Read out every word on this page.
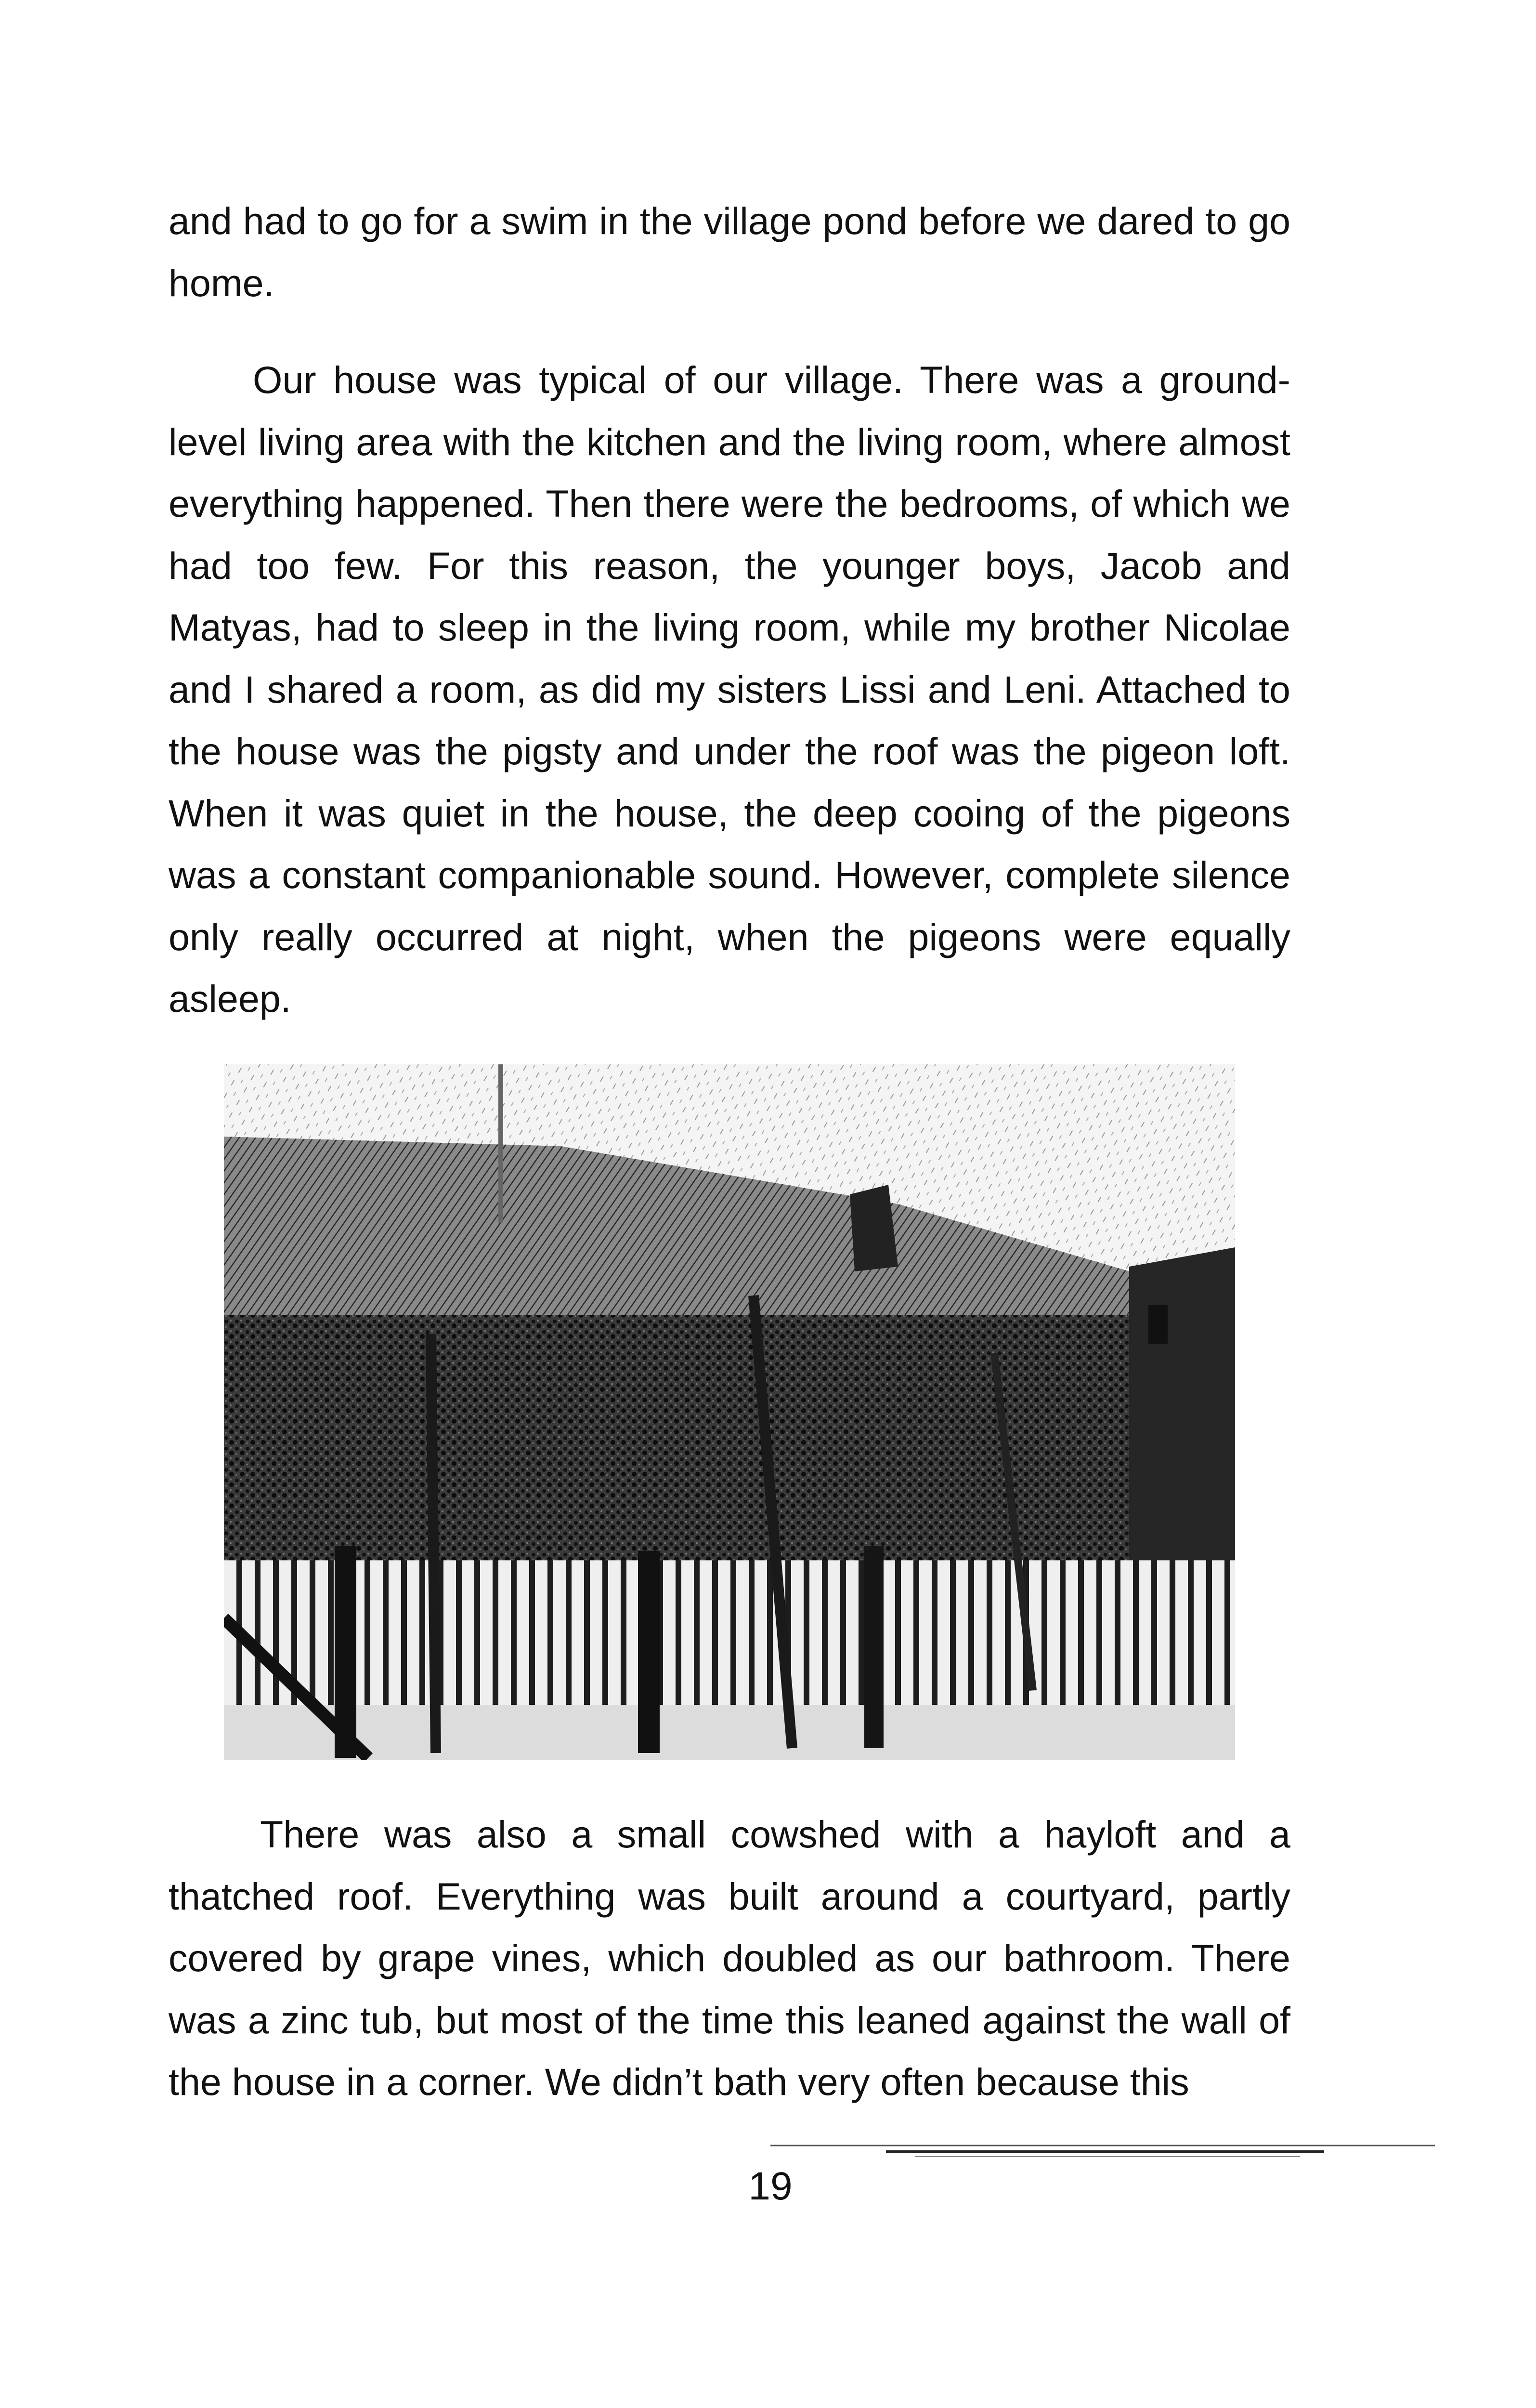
and had to go for a swim in the village pond before we dared to go home.

Our house was typical of our village. There was a ground-level living area with the kitchen and the living room, where almost everything happened. Then there were the bedrooms, of which we had too few. For this reason, the younger boys, Jacob and Matyas, had to sleep in the living room, while my brother Nicolae and I shared a room, as did my sisters Lissi and Leni. Attached to the house was the pigsty and under the roof was the pigeon loft. When it was quiet in the house, the deep cooing of the pigeons was a constant companionable sound. However, complete silence only really occurred at night, when the pigeons were equally asleep.

There was also a small cowshed with a hayloft and a thatched roof. Everything was built around a courtyard, partly covered by grape vines, which doubled as our bathroom. There was a zinc tub, but most of the time this leaned against the wall of the house in a corner. We didn’t bath very often because this

19
